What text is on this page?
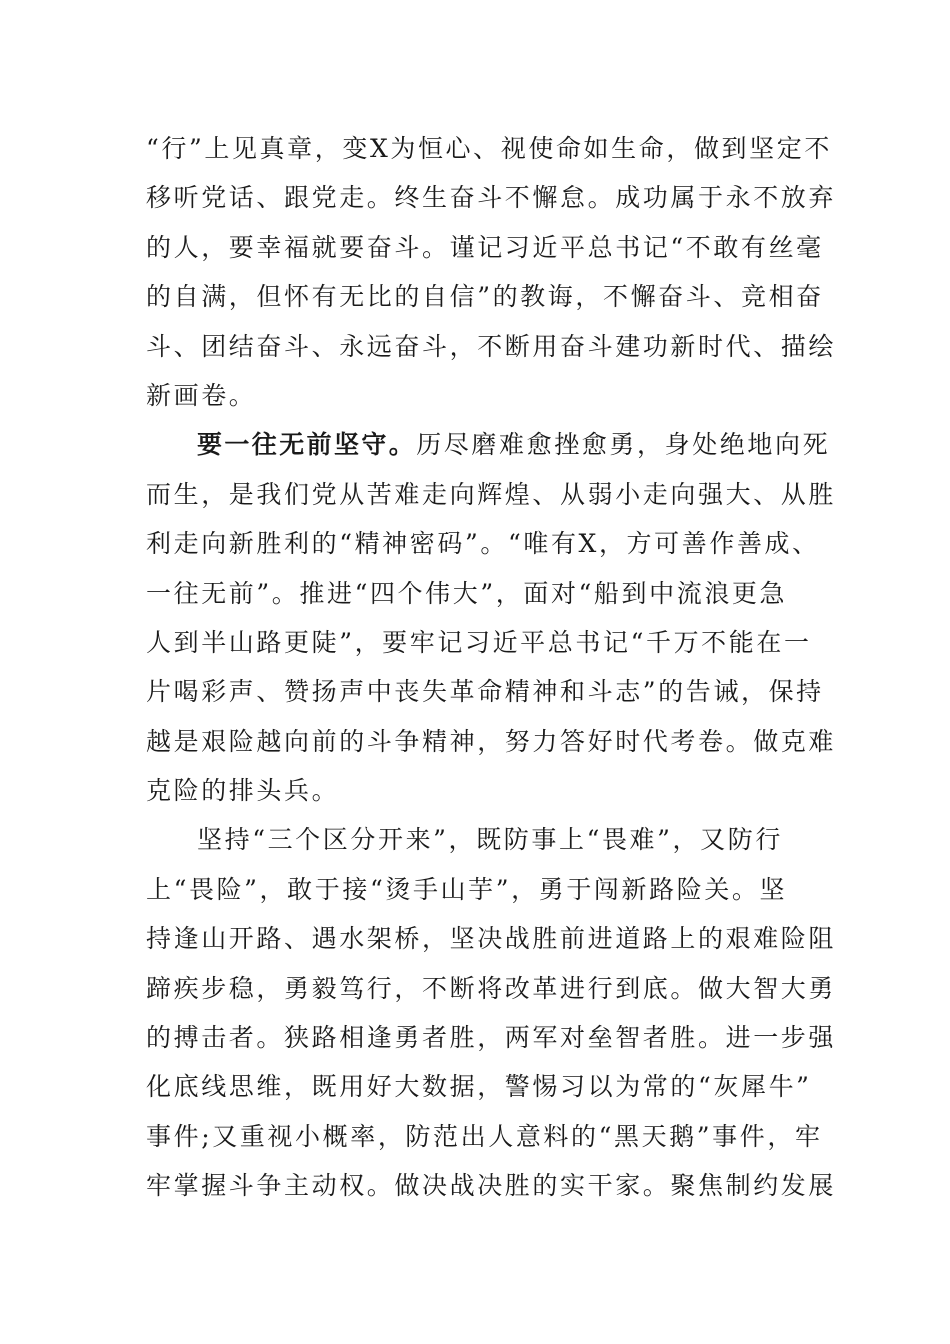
“行”上见真章，变X为恒心、视使命如生命，做到坚定不
移听党话、跟党走。终生奋斗不懈怠。成功属于永不放弃
的人，要幸福就要奋斗。谨记习近平总书记“不敢有丝毫
的自满，但怀有无比的自信”的教诲，不懈奋斗、竞相奋
斗、团结奋斗、永远奋斗，不断用奋斗建功新时代、描绘
新画卷。
要一往无前坚守。历尽磨难愈挫愈勇，身处绝地向死
而生，是我们党从苦难走向辉煌、从弱小走向强大、从胜
利走向新胜利的“精神密码”。“唯有X，方可善作善成、
一往无前”。推进“四个伟大”，面对“船到中流浪更急
人到半山路更陡”，要牢记习近平总书记“千万不能在一
片喝彩声、赞扬声中丧失革命精神和斗志”的告诫，保持
越是艰险越向前的斗争精神，努力答好时代考卷。做克难
克险的排头兵。
坚持“三个区分开来”，既防事上“畏难”，又防行
上“畏险”，敢于接“烫手山芋”，勇于闯新路险关。坚
持逢山开路、遇水架桥，坚决战胜前进道路上的艰难险阻
蹄疾步稳，勇毅笃行，不断将改革进行到底。做大智大勇
的搏击者。狭路相逢勇者胜，两军对垒智者胜。进一步强
化底线思维，既用好大数据，警惕习以为常的“灰犀牛”
事件;又重视小概率，防范出人意料的“黑天鹅”事件，牢
牢掌握斗争主动权。做决战决胜的实干家。聚焦制约发展
